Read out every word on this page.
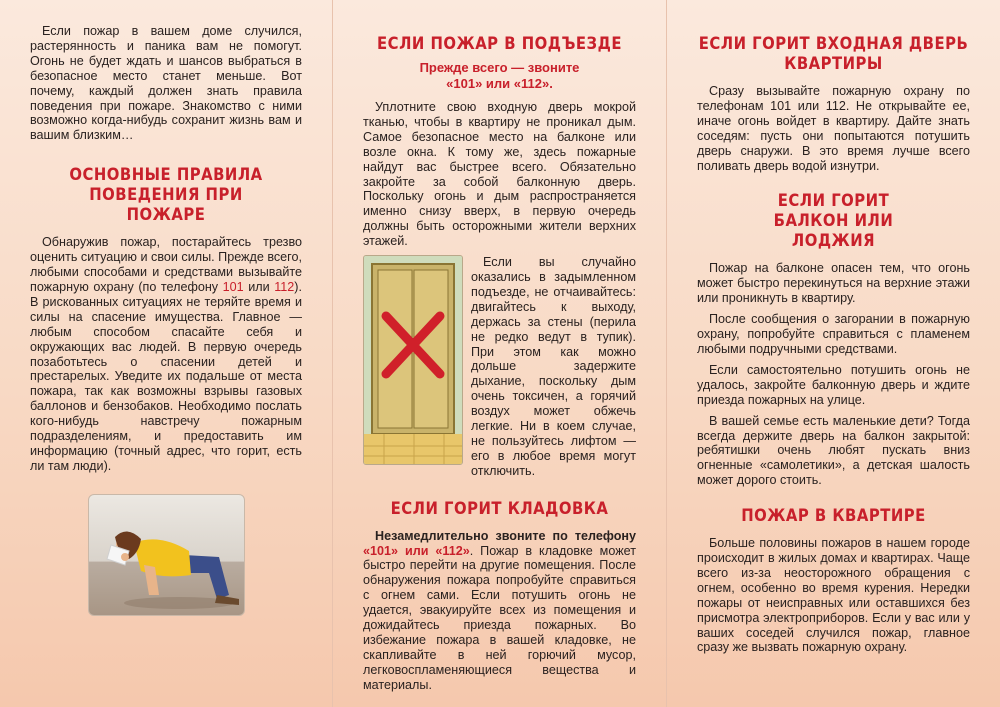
Если пожар в вашем доме случился, растерянность и паника вам не помогут. Огонь не будет ждать и шансов выбраться в безопасное место станет меньше. Вот почему, каждый должен знать правила поведения при пожаре. Знакомство с ними возможно когда-нибудь сохранит жизнь вам и вашим близким…

ОСНОВНЫЕ ПРАВИЛА ПОВЕДЕНИЯ ПРИ ПОЖАРЕ

Обнаружив пожар, постарайтесь трезво оценить ситуацию и свои силы. Прежде всего, любыми способами и средствами вызывайте пожарную охрану (по телефону 101 или 112). В рискованных ситуациях не теряйте время и силы на спасение имущества. Главное — любым способом спасайте себя и окружающих вас людей. В первую очередь позаботьтесь о спасении детей и престарелых. Уведите их подальше от места пожара, так как возможны взрывы газовых баллонов и бензобаков. Необходимо послать кого-нибудь навстречу пожарным подразделениям, и предоставить им информацию (точный адрес, что горит, есть ли там люди).

ЕСЛИ ПОЖАР В ПОДЪЕЗДЕ
Прежде всего — звоните «101» или «112».

Уплотните свою входную дверь мокрой тканью, чтобы в квартиру не проникал дым. Самое безопасное место на балконе или возле окна. К тому же, здесь пожарные найдут вас быстрее всего. Обязательно закройте за собой балконную дверь. Поскольку огонь и дым распространяется именно снизу вверх, в первую очередь должны быть осторожными жители верхних этажей.

Если вы случайно оказались в задымленном подъезде, не отчаивайтесь: двигайтесь к выходу, держась за стены (перила не редко ведут в тупик). При этом как можно дольше задержите дыхание, поскольку дым очень токсичен, а горячий воздух может обжечь легкие. Ни в коем случае, не пользуйтесь лифтом — его в любое время могут отключить.

ЕСЛИ ГОРИТ КЛАДОВКА

Незамедлительно звоните по телефону «101» или «112». Пожар в кладовке может быстро перейти на другие помещения. После обнаружения пожара попробуйте справиться с огнем сами. Если потушить огонь не удается, эвакуируйте всех из помещения и дожидайтесь приезда пожарных. Во избежание пожара в вашей кладовке, не скапливайте в ней горючий мусор, легковоспламеняющиеся вещества и материалы.

ЕСЛИ ГОРИТ ВХОДНАЯ ДВЕРЬ КВАРТИРЫ

Сразу вызывайте пожарную охрану по телефонам 101 или 112. Не открывайте ее, иначе огонь войдет в квартиру. Дайте знать соседям: пусть они попытаются потушить дверь снаружи. В это время лучше всего поливать дверь водой изнутри.

ЕСЛИ ГОРИТ БАЛКОН ИЛИ ЛОДЖИЯ

Пожар на балконе опасен тем, что огонь может быстро перекинуться на верхние этажи или проникнуть в квартиру.

После сообщения о загорании в пожарную охрану, попробуйте справиться с пламенем любыми подручными средствами.

Если самостоятельно потушить огонь не удалось, закройте балконную дверь и ждите приезда пожарных на улице.

В вашей семье есть маленькие дети? Тогда всегда держите дверь на балкон закрытой: ребятишки очень любят пускать вниз огненные «самолетики», а детская шалость может дорого стоить.

ПОЖАР В КВАРТИРЕ

Больше половины пожаров в нашем городе происходит в жилых домах и квартирах. Чаще всего из-за неосторожного обращения с огнем, особенно во время курения. Нередки пожары от неисправных или оставшихся без присмотра электроприборов. Если у вас или у ваших соседей случился пожар, главное сразу же вызвать пожарную охрану.
